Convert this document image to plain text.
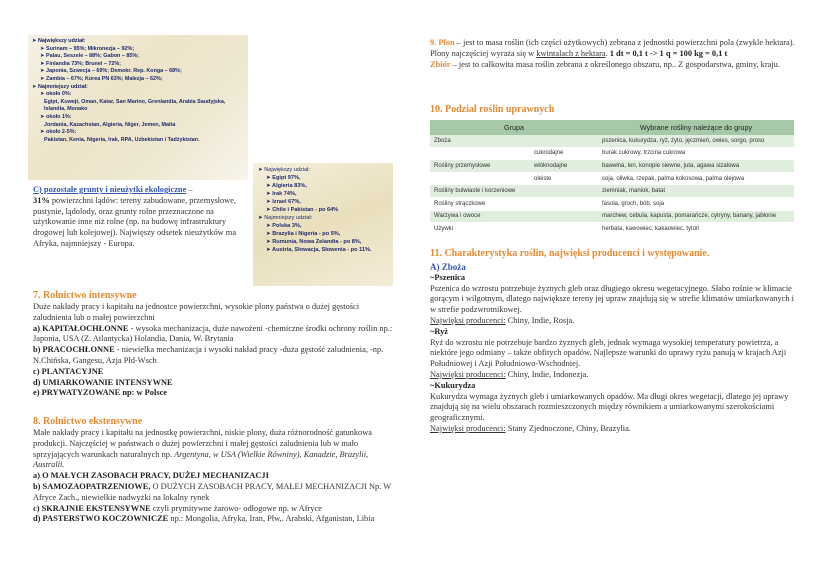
➤ Największy udział:
➤ Surinam – 95%; Mikronezja – 92%;
➤ Palau, Seszele – 88%; Gabon – 85%;
➤ Finlandia 73%; Brunei – 72%;
➤ Japonia, Szwecja – 69%; Demokr. Rep. Konga – 68%;
➤ Zambia – 67%; Korea PN 63%; Malezja – 62%;
➤ Najmniejszy udział:
➤ około 0%:
Egipt, Kuwejt, Oman, Katar, San Marino, Grenlandia, Arabia Saudyjska, Islandia, Monako
➤ około 1%:
Jordania, Kazachstan, Algieria, Niger, Jemen, Malta
➤ około 2-5%:
Pakistan, Kenia, Nigeria, Irak, RPA, Uzbekistan i Tadżykistan.
➤ Największy udział:
➤ Egipt 97%,
➤ Algieria 83%,
➤ Irak 74%,
➤ Izrael 67%,
➤ Chile i Pakistan - po 64%
➤ Najmniejszy udział:
➤ Polska 3%,
➤ Brazylia i Nigeria - po 5%,
➤ Rumunia, Nowa Zelandia - po 8%,
➤ Austria, Słowacja, Słowenia - po 11%.
C) pozostałe grunty i nieużytki ekologiczne –
31% powierzchni lądów: tereny zabudowane, przemysłowe, pustynie, lądolody, oraz grunty rolne przeznaczone na użytkowanie inne niż rolne (np. na budowę infrastruktury drogowej lub kolejowej). Najwięszy odsetek nieużytków ma Afryka, najmniejszy - Europa.
7. Rolnictwo intensywne
Duże nakłady pracy i kapitału na jednostce powierzchni, wysokie plony państwa o dużej gęstości zaludnienia lub o małej powierzchni
a) KAPITAŁOCHŁONNE - wysoka mechanizacja, duże nawożeni -chemiczne środki ochrony roślin np.: Japonia, USA (Z. Atlantycka) Holandia, Dania, W. Brytania
b) PRACOCHŁONNE - niewielka mechanizacja i wysoki nakład pracy -duża gęstość zaludnienia, -np. N.Chińska, Gangesu, Azja Płd-Wsch
c) PLANTACYJNE
d) UMIARKOWANIE INTENSYWNE
e) PRYWATYZOWANE np: w Polsce
8. Rolnictwo ekstensywne
Małe nakłady pracy i kapitału na jednostkę powierzchni, niskie plony, duża różnorodność gatunkowa produkcji. Najczęściej w państwach o dużej powierzchni i małej gęstości zaludnienia lub w mało sprzyjających warunkach naturalnych np. Argentyna, w USA (Wielkie Równiny), Kanadzie, Brazylii, Australii.
a) O MAŁYCH ZASOBACH PRACY, DUŻEJ MECHANIZACJI
b) SAMOZAOPATRZENIOWE, O DUŻYCH ZASOBACH PRACY, MAŁEJ MECHANIZACJI Np. W Afryce Zach., niewielkie nadwyżki na lokalny rynek
c) SKRAJNIE EKSTENSYWNE czyli prymitywne żarowo- odłogowe np. w Afryce
d) PASTERSTWO KOCZOWNICZE np.: Mongolia, Afryka, Iran, Płw,. Arabski, Afganistan, Libia
9. Plon – jest to masa roślin (ich części użytkowych) zebrana z jednostki powierzchni pola (zwykle hektara). Plony najczęściej wyraża się w kwintalach z hektara. 1 dt = 0,1 t -> 1 q = 100 kg = 0,1 t
Zbiór – jest to całkowita masa roślin zebrana z określonego obszaru, np.. Z gospodarstwa, gminy, kraju.
10. Podział roślin uprawnych
Grupa		Wybrane rośliny należące do grupy
Zboża		pszenica, kukurydza, ryż, żyto, jęczmień, owies, sorgo, proso
	cukrodajne	burak cukrowy, trzcina cukrowa
Rośliny przemysłowe	włóknodajne	bawełna, len, konopie siewne, juta, agawa sizalowa
	oleiste	soja, oliwka, rzepak, palma kokosowa, palma olejowa
Rośliny bulwiaste i korzeniowe		ziemniak, maniok, batat
Rośliny strączkowe		fasola, groch, bób, soja
Warzywa i owoce		marchew, cebula, kapusta, pomarańcze, cytryny, banany, jabłonie
Używki		herbata, kawowiec, kakaowiec, tytoń
11. Charakterystyka roślin, najwięksi producenci i występowanie.
A) Zboża
~Pszenica
Pszenica do wzrostu potrzebuje żyznych gleb oraz długiego okresu wegetacyjnego. Słabo rośnie w klimacie gorącym i wilgotnym, dlatego największe tereny jej upraw znajdują się w strefie klimatów umiarkowanych i w strefie podzwrotnikowej.
Najwięksi producenci: Chiny, Indie, Rosja.
~Ryż
Ryż do wzrostu nie potrzebuje bardzo żyznych gleb, jednak wymaga wysokiej temperatury powietrza, a niektóre jego odmiany – także obfitych opadów. Najlepsze warunki do uprawy ryżu panują w krajach Azji Południowej i Azji Południowo-Wschodniej.
Najwięksi producenci: Chiny, Indie, Indonezja.
~Kukurydza
Kukurydza wymaga żyznych gleb i umiarkowanych opadów. Ma długi okres wegetacji, dlatego jej uprawy znajdują się na wielu obszarach rozmieszczonych między równikiem a umiarkowanymi szerokościami geograficznymi.
Najwięksi producenci: Stany Zjednoczone, Chiny, Brazylia.
